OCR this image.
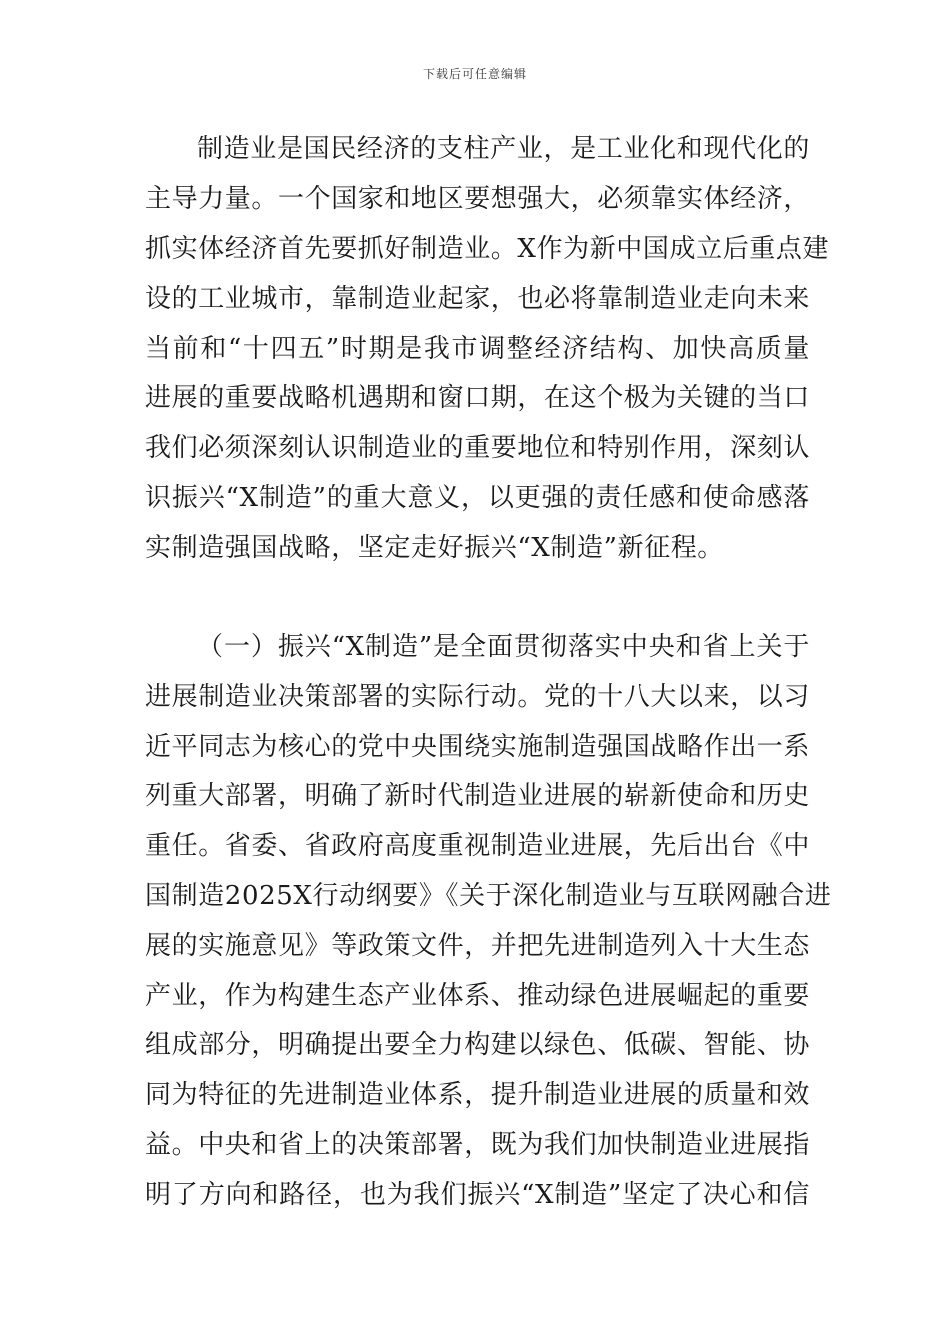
下载后可任意编辑
制造业是国民经济的支柱产业，是工业化和现代化的
主导力量。一个国家和地区要想强大，必须靠实体经济，
抓实体经济首先要抓好制造业。X作为新中国成立后重点建
设的工业城市，靠制造业起家，也必将靠制造业走向未来
当前和“十四五”时期是我市调整经济结构、加快高质量
进展的重要战略机遇期和窗口期，在这个极为关键的当口
我们必须深刻认识制造业的重要地位和特别作用，深刻认
识振兴“X制造”的重大意义，以更强的责任感和使命感落
实制造强国战略，坚定走好振兴“X制造”新征程。
（一）振兴“X制造”是全面贯彻落实中央和省上关于
进展制造业决策部署的实际行动。党的十八大以来，以习
近平同志为核心的党中央围绕实施制造强国战略作出一系
列重大部署，明确了新时代制造业进展的崭新使命和历史
重任。省委、省政府高度重视制造业进展，先后出台《中
国制造2025X行动纲要》《关于深化制造业与互联网融合进
展的实施意见》等政策文件，并把先进制造列入十大生态
产业，作为构建生态产业体系、推动绿色进展崛起的重要
组成部分，明确提出要全力构建以绿色、低碳、智能、协
同为特征的先进制造业体系，提升制造业进展的质量和效
益。中央和省上的决策部署，既为我们加快制造业进展指
明了方向和路径，也为我们振兴“X制造”坚定了决心和信
